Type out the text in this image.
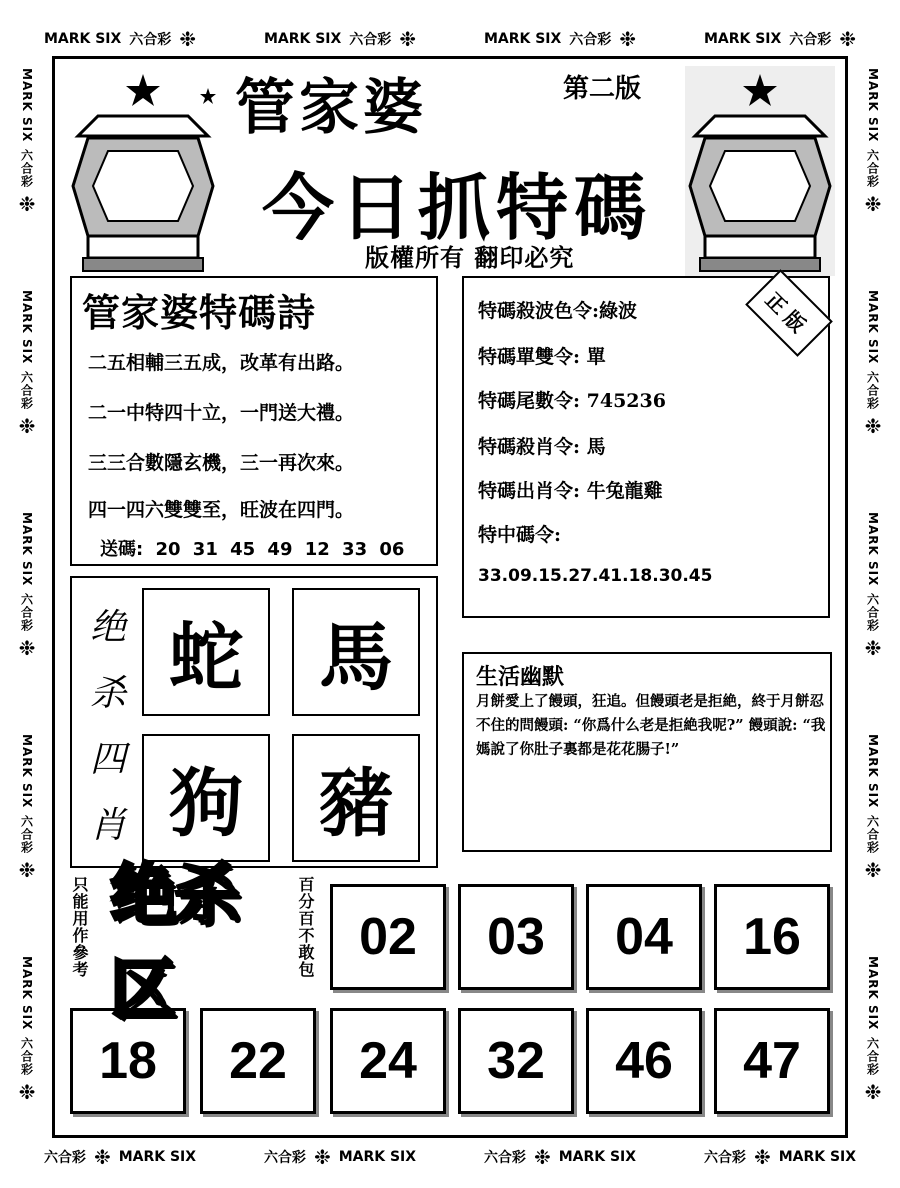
MARK SIX 六合彩 ❉	MARK SIX 六合彩 ❉	MARK SIX 六合彩 ❉	MARK SIX 六合彩 ❉
六合彩 ❉ MARK SIX	六合彩 ❉ MARK SIX	六合彩 ❉ MARK SIX	六合彩 ❉ MARK SIX
MARK SIX
六合彩
❉
MARK SIX
六合彩
❉
MARK SIX
六合彩
❉
MARK SIX
六合彩
❉
MARK SIX
六合彩
❉
MARK SIX
六合彩
❉
MARK SIX
六合彩
❉
MARK SIX
六合彩
❉
MARK SIX
六合彩
❉
MARK SIX
六合彩
❉
管家婆	第二版
今日抓特碼
版權所有 翻印必究
管家婆特碼詩
二五相輔三五成，改革有出路。
二一中特四十立，一門送大禮。
三三合數隱玄機，三一再次來。
四一四六雙雙至，旺波在四門。
送碼: 20 31 45 49 12 33 06
正版
特碼殺波色令:綠波
特碼單雙令: 單
特碼尾數令: 745236
特碼殺肖令: 馬
特碼出肖令: 牛兔龍雞
特中碼令:
33.09.15.27.41.18.30.45
绝
杀
四
肖
蛇	馬
狗	豬
生活幽默
月餅愛上了饅頭，狂追。但饅頭老是拒絶，終于月餅忍不住的問饅頭: “你爲什么老是拒絶我呢?” 饅頭說: “我媽說了你肚子裏都是花花腸子!”
只能用作參考 绝杀区
百分百不敢包 02	03	04	16
18	22	24	32	46	47
